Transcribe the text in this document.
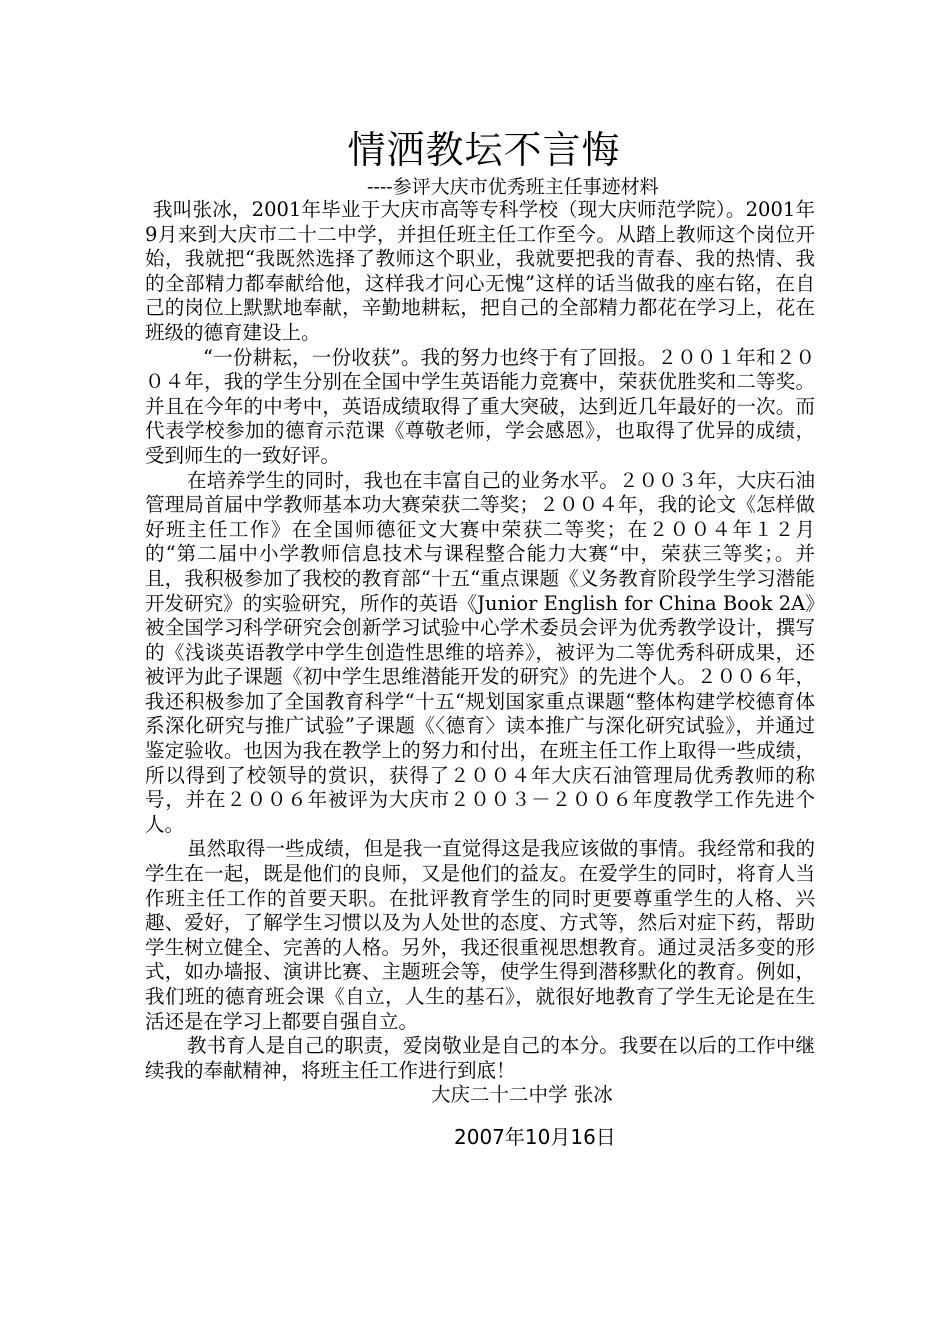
情洒教坛不言悔

----参评大庆市优秀班主任事迹材料

我叫张冰，2001年毕业于大庆市高等专科学校（现大庆师范学院）。2001年9月来到大庆市二十二中学，并担任班主任工作至今。从踏上教师这个岗位开始，我就把“我既然选择了教师这个职业，我就要把我的青春、我的热情、我的全部精力都奉献给他，这样我才问心无愧”这样的话当做我的座右铭，在自己的岗位上默默地奉献，辛勤地耕耘，把自己的全部精力都花在学习上，花在班级的德育建设上。

“一份耕耘，一份收获”。我的努力也终于有了回报。２００１年和２００４年，我的学生分别在全国中学生英语能力竞赛中，荣获优胜奖和二等奖。并且在今年的中考中，英语成绩取得了重大突破，达到近几年最好的一次。而代表学校参加的德育示范课《尊敬老师，学会感恩》，也取得了优异的成绩，受到师生的一致好评。

在培养学生的同时，我也在丰富自己的业务水平。２００３年，大庆石油管理局首届中学教师基本功大赛荣获二等奖；２００４年，我的论文《怎样做好班主任工作》在全国师德征文大赛中荣获二等奖；在２００４年１２月的“第二届中小学教师信息技术与课程整合能力大赛“中，荣获三等奖；。并且，我积极参加了我校的教育部“十五“重点课题《义务教育阶段学生学习潜能开发研究》的实验研究，所作的英语《Junior English for China Book 2A》被全国学习科学研究会创新学习试验中心学术委员会评为优秀教学设计，撰写的《浅谈英语教学中学生创造性思维的培养》，被评为二等优秀科研成果，还被评为此子课题《初中学生思维潜能开发的研究》的先进个人。２００６年，我还积极参加了全国教育科学“十五“规划国家重点课题“整体构建学校德育体系深化研究与推广试验”子课题《〈德育〉读本推广与深化研究试验》，并通过鉴定验收。也因为我在教学上的努力和付出，在班主任工作上取得一些成绩，所以得到了校领导的赏识，获得了２００４年大庆石油管理局优秀教师的称号，并在２００６年被评为大庆市２００３－２００６年度教学工作先进个人。

虽然取得一些成绩，但是我一直觉得这是我应该做的事情。我经常和我的学生在一起，既是他们的良师，又是他们的益友。在爱学生的同时，将育人当作班主任工作的首要天职。在批评教育学生的同时更要尊重学生的人格、兴趣、爱好，了解学生习惯以及为人处世的态度、方式等，然后对症下药，帮助学生树立健全、完善的人格。另外，我还很重视思想教育。通过灵活多变的形式，如办墙报、演讲比赛、主题班会等，使学生得到潜移默化的教育。例如，我们班的德育班会课《自立，人生的基石》，就很好地教育了学生无论是在生活还是在学习上都要自强自立。

教书育人是自己的职责，爱岗敬业是自己的本分。我要在以后的工作中继续我的奉献精神，将班主任工作进行到底！

大庆二十二中学 张冰

2007年10月16日
